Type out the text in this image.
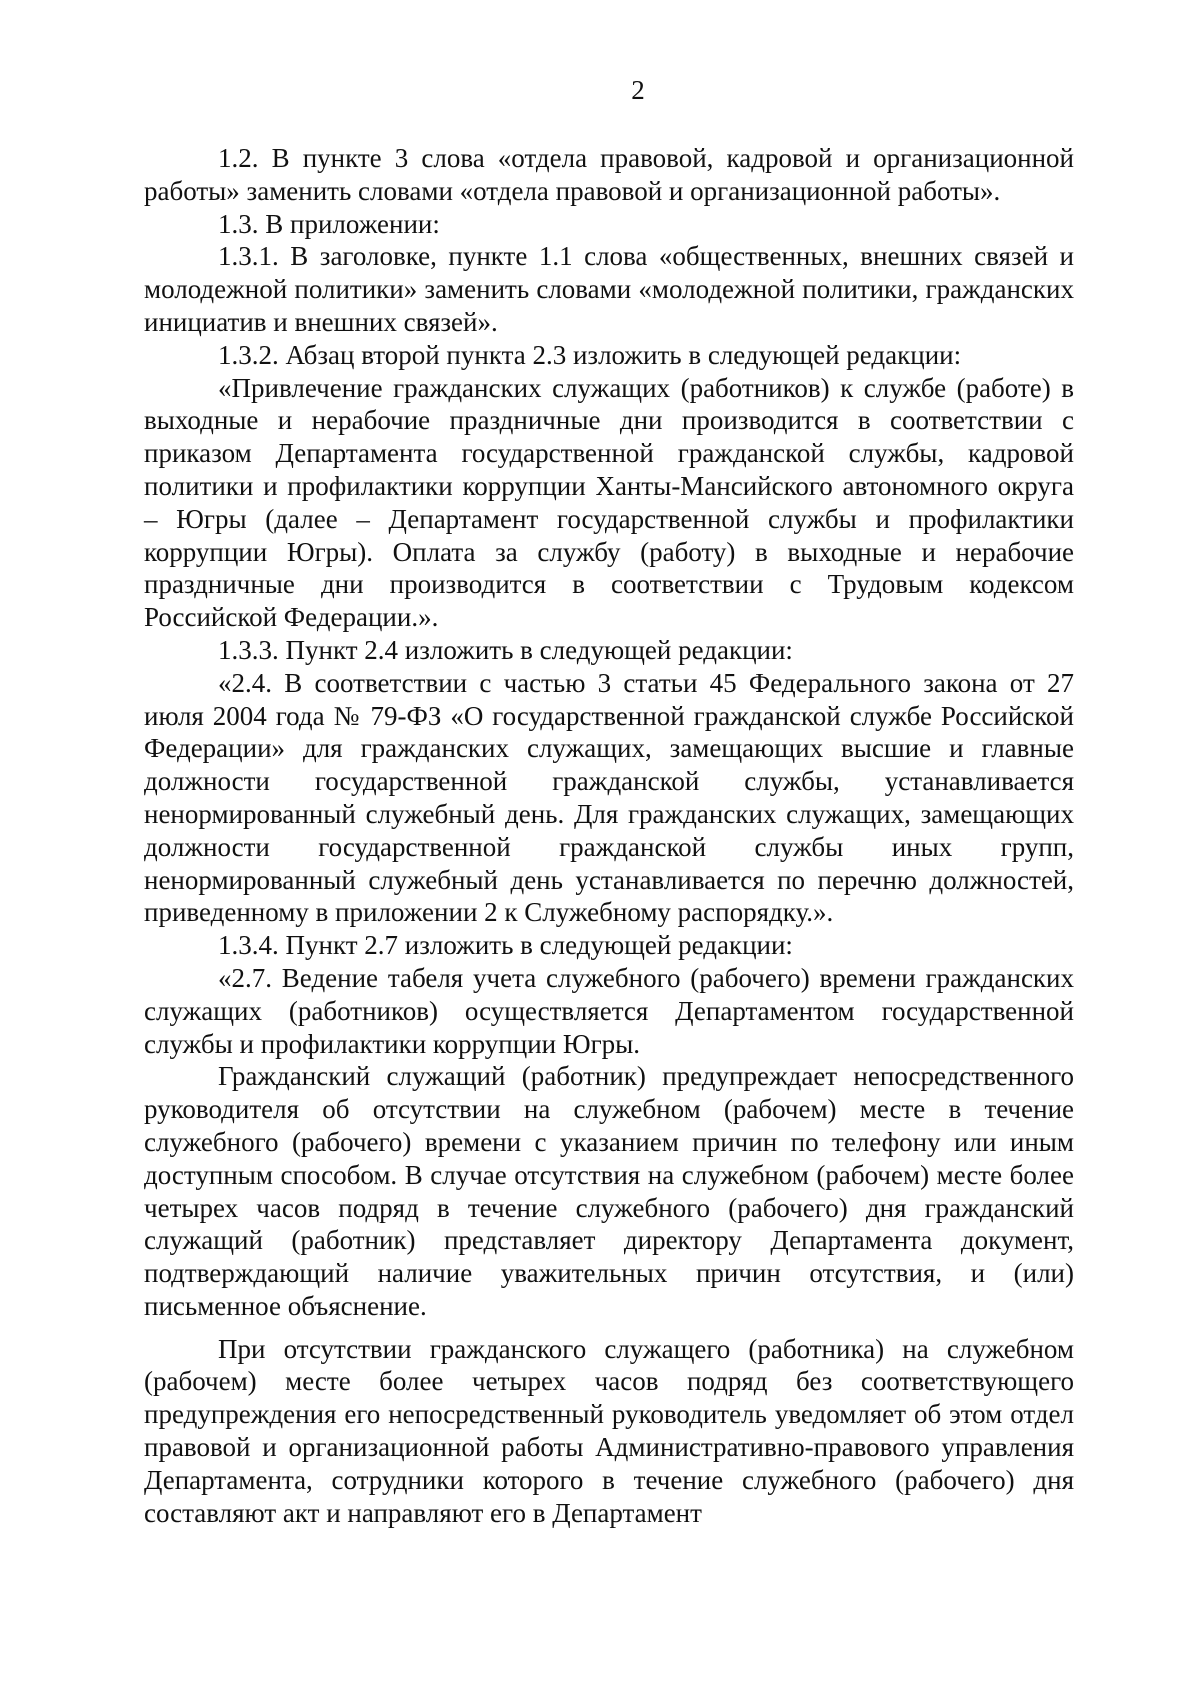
2

1.2. В пункте 3 слова «отдела правовой, кадровой и организационной работы» заменить словами «отдела правовой и организационной работы».

1.3. В приложении:

1.3.1. В заголовке, пункте 1.1 слова «общественных, внешних связей и молодежной политики» заменить словами «молодежной политики, гражданских инициатив и внешних связей».

1.3.2. Абзац второй пункта 2.3 изложить в следующей редакции:

«Привлечение гражданских служащих (работников) к службе (работе) в выходные и нерабочие праздничные дни производится в соответствии с приказом Департамента государственной гражданской службы, кадровой политики и профилактики коррупции Ханты-Мансийского автономного округа – Югры (далее – Департамент государственной службы и профилактики коррупции Югры). Оплата за службу (работу) в выходные и нерабочие праздничные дни производится в соответствии с Трудовым кодексом Российской Федерации.».

1.3.3. Пункт 2.4 изложить в следующей редакции:

«2.4. В соответствии с частью 3 статьи 45 Федерального закона от 27 июля 2004 года № 79-ФЗ «О государственной гражданской службе Российской Федерации» для гражданских служащих, замещающих высшие и главные должности государственной гражданской службы, устанавливается ненормированный служебный день. Для гражданских служащих, замещающих должности государственной гражданской службы иных групп, ненормированный служебный день устанавливается по перечню должностей, приведенному в приложении 2 к Служебному распорядку.».

1.3.4. Пункт 2.7 изложить в следующей редакции:

«2.7. Ведение табеля учета служебного (рабочего) времени гражданских служащих (работников) осуществляется Департаментом государственной службы и профилактики коррупции Югры.

Гражданский служащий (работник) предупреждает непосредственного руководителя об отсутствии на служебном (рабочем) месте в течение служебного (рабочего) времени с указанием причин по телефону или иным доступным способом. В случае отсутствия на служебном (рабочем) месте более четырех часов подряд в течение служебного (рабочего) дня гражданский служащий (работник) представляет директору Департамента документ, подтверждающий наличие уважительных причин отсутствия, и (или) письменное объяснение.

При отсутствии гражданского служащего (работника) на служебном (рабочем) месте более четырех часов подряд без соответствующего предупреждения его непосредственный руководитель уведомляет об этом отдел правовой и организационной работы Административно-правового управления Департамента, сотрудники которого в течение служебного (рабочего) дня составляют акт и направляют его в Департамент
